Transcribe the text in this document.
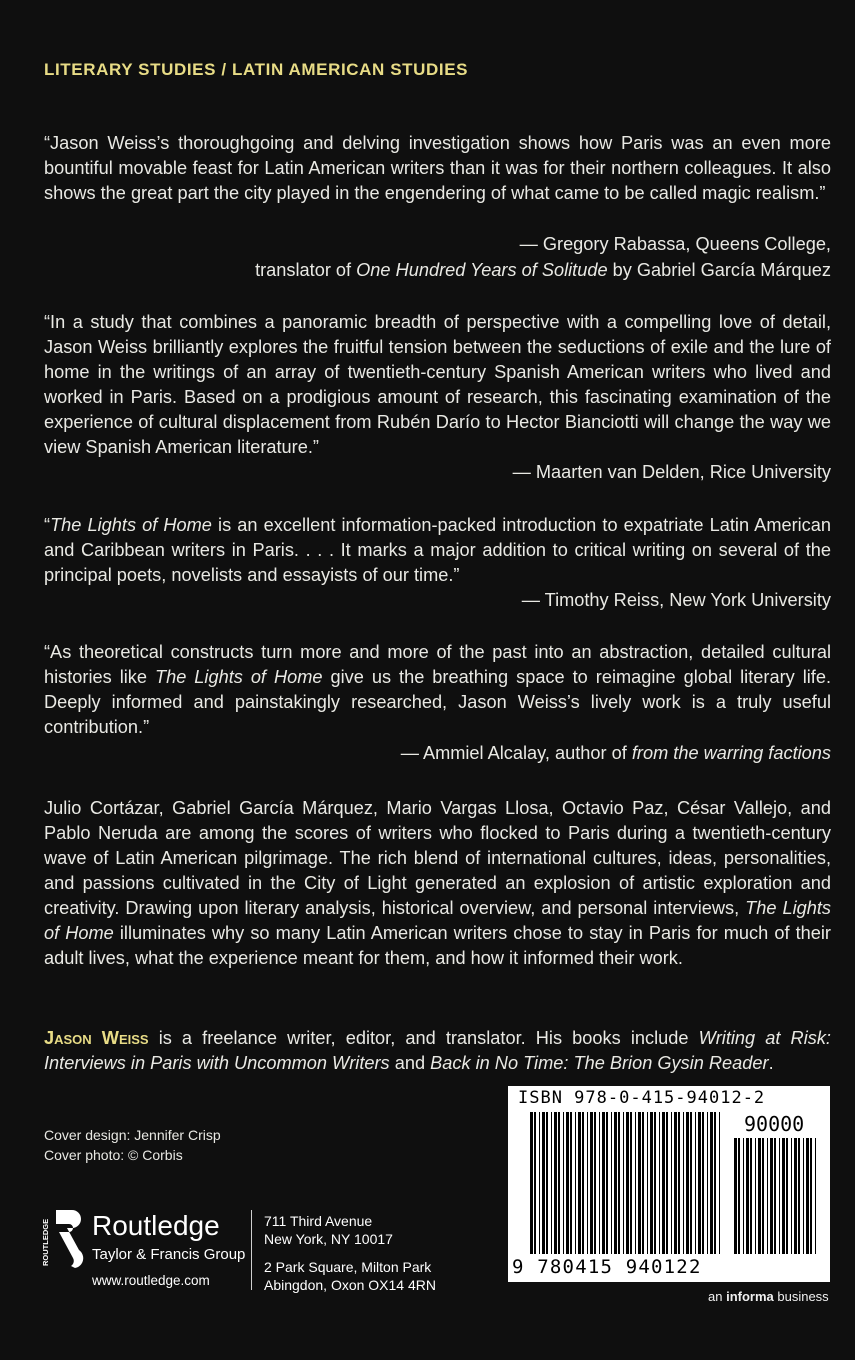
LITERARY STUDIES / LATIN AMERICAN STUDIES
“Jason Weiss’s thoroughgoing and delving investigation shows how Paris was an even more bountiful movable feast for Latin American writers than it was for their northern colleagues. It also shows the great part the city played in the engendering of what came to be called magic realism.”
— Gregory Rabassa, Queens College,
translator of One Hundred Years of Solitude by Gabriel García Márquez
“In a study that combines a panoramic breadth of perspective with a compelling love of detail, Jason Weiss brilliantly explores the fruitful tension between the seductions of exile and the lure of home in the writings of an array of twentieth-century Spanish American writers who lived and worked in Paris. Based on a prodigious amount of research, this fascinating examination of the experience of cultural displacement from Rubén Darío to Hector Bianciotti will change the way we view Spanish American literature.”
— Maarten van Delden, Rice University
“The Lights of Home is an excellent information-packed introduction to expatriate Latin American and Caribbean writers in Paris. . . . It marks a major addition to critical writing on several of the principal poets, novelists and essayists of our time.”
— Timothy Reiss, New York University
“As theoretical constructs turn more and more of the past into an abstraction, detailed cultural histories like The Lights of Home give us the breathing space to reimagine global literary life. Deeply informed and painstakingly researched, Jason Weiss’s lively work is a truly useful contribution.”
— Ammiel Alcalay, author of from the warring factions
Julio Cortázar, Gabriel García Márquez, Mario Vargas Llosa, Octavio Paz, César Vallejo, and Pablo Neruda are among the scores of writers who flocked to Paris during a twentieth-century wave of Latin American pilgrimage. The rich blend of international cultures, ideas, personalities, and passions cultivated in the City of Light generated an explosion of artistic exploration and creativity. Drawing upon literary analysis, historical overview, and personal interviews, The Lights of Home illuminates why so many Latin American writers chose to stay in Paris for much of their adult lives, what the experience meant for them, and how it informed their work.
Jason Weiss is a freelance writer, editor, and translator. His books include Writing at Risk: Interviews in Paris with Uncommon Writers and Back in No Time: The Brion Gysin Reader.
Cover design: Jennifer Crisp
Cover photo: © Corbis
ROUTLEDGE Routledge
Taylor & Francis Group
www.routledge.com
711 Third Avenue
New York, NY 10017
2 Park Square, Milton Park
Abingdon, Oxon OX14 4RN
ISBN 978-0-415-94012-2
90000
9 780415 940122
an informa business
